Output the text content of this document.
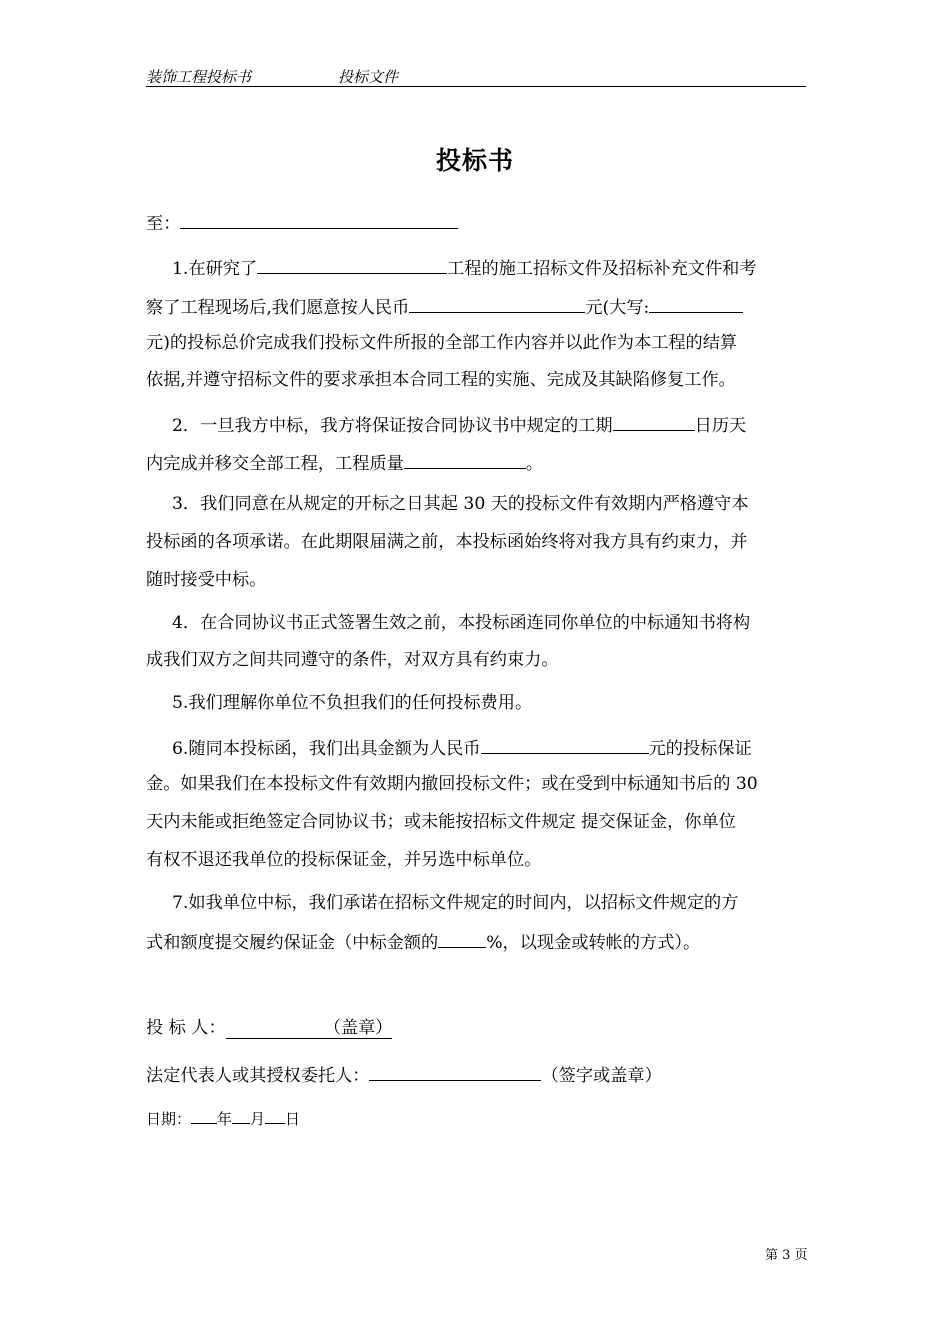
装饰工程投标书	投标文件
投标书
至：
1.在研究了	工程的施工招标文件及招标补充文件和考
察了工程现场后,我们愿意按人民币	元(大写:
元)的投标总价完成我们投标文件所报的全部工作内容并以此作为本工程的结算
依据,并遵守招标文件的要求承担本合同工程的实施、完成及其缺陷修复工作。
2．一旦我方中标，我方将保证按合同协议书中规定的工期	日历天
内完成并移交全部工程，工程质量	。
3．我们同意在从规定的开标之日其起 30 天的投标文件有效期内严格遵守本
投标函的各项承诺。在此期限届满之前，本投标函始终将对我方具有约束力，并
随时接受中标。
4．在合同协议书正式签署生效之前，本投标函连同你单位的中标通知书将构
成我们双方之间共同遵守的条件，对双方具有约束力。
5.我们理解你单位不负担我们的任何投标费用。
6.随同本投标函，我们出具金额为人民币	元的投标保证
金。如果我们在本投标文件有效期内撤回投标文件；或在受到中标通知书后的 30
天内未能或拒绝签定合同协议书；或未能按招标文件规定 提交保证金，你单位
有权不退还我单位的投标保证金，并另选中标单位。
7.如我单位中标，我们承诺在招标文件规定的时间内，以招标文件规定的方
式和额度提交履约保证金（中标金额的	%，以现金或转帐的方式）。
投 标 人：	（盖章）
法定代表人或其授权委托人：	（签字或盖章）
日期： 年 月 日
第 3 页
